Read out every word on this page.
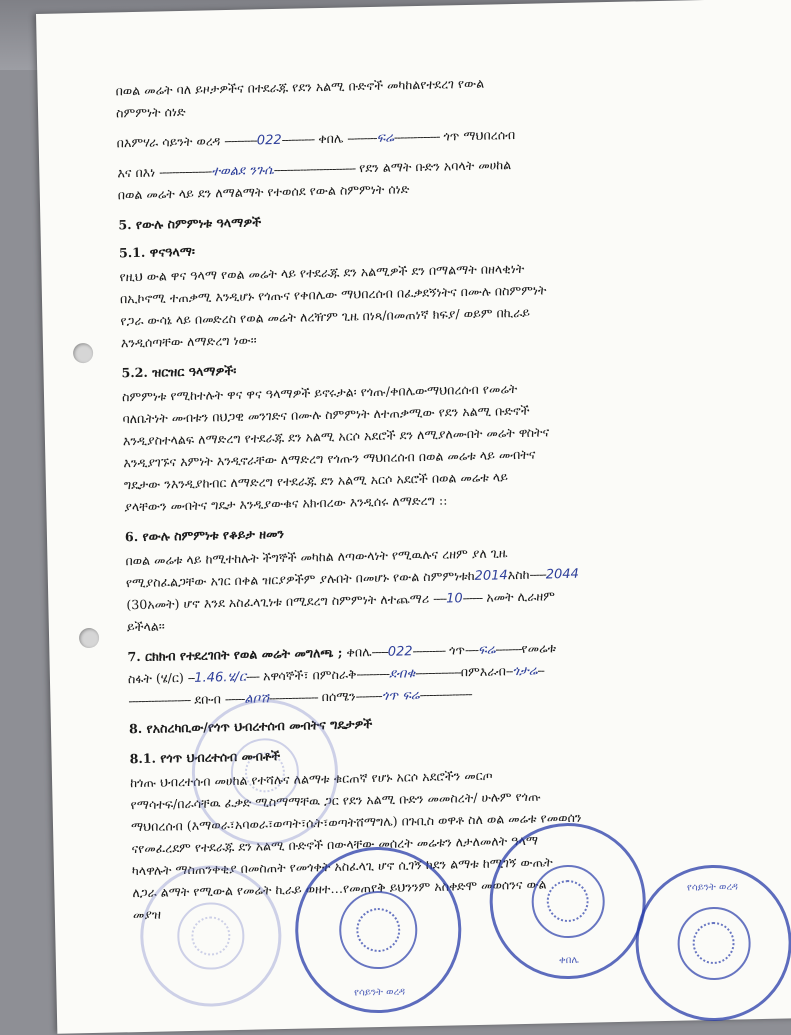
በወል መሬት ባለ ይዞታዎችና በተደራጁ የደን አልሚ ቡድኖች መካከልየተደረገ የውል
ስምምነት ሰነድ
በእምሃራ ሳይንት ወረዳ ----------022---------- ቀበሌ ---------ፍሬ-------------- ጎጥ ማህበረሰብ
እና በእነ ----------------ተወልደ ንጉሴ------------------------- የደን ልማት ቡድን አባላት መሀከል
በወል መሬት ላይ ደን ለማልማት የተወሰደ የውል ስምምነት ሰነድ
5. የውሉ ስምምነቱ ዓላማዎች
5.1. ዋናዓላማ፡
የዚህ ውል ዋና ዓላማ የወል መሬት ላይ የተደራጁ ደን አልሚዎች ደን በማልማት በዘላቂነት
በኢኮኖሚ ተጠቃሚ እንዲሆኑ የጎጡና የቀበሌው ማህበረሰብ በፈቃደኝነትና በሙሉ በስምምነት
የጋራ ውሳኔ ላይ በመድረስ የወል መሬት ለረዥም ጊዜ በነጻ/በመጠነኛ ክፍያ/ ወይም በኪራይ
እንዲሰጣቸው ለማድረግ ነው፡፡
5.2. ዝርዝር ዓላማዎች፡
ስምምነቱ የሚከተሉት ዋና ዋና ዓላማዎች ይኖሩታል፡ የጎጡ/ቀበሌውማህበረሰብ የመሬት
ባለቤትነት መብቱን በህጋዊ መንገድና በሙሉ ስምምነት ለተጠቃሚው የደን አልሚ ቡድኖች
እንዲያስተላልፍ ለማድረግ የተደራጁ ደን አልሚ አርሶ አደሮች ደን ለሚያለሙበት መሬት ዋስትና
እንዲያገኙና እምነት እንዲኖራቸው ለማድረግ የጎጡን ማህበረሰብ በወል መሬቱ ላይ መብትና
ግዴታው ንእንዲያከብር ለማድረግ የተደራጁ ደን አልሚ አርሶ አደሮች በወል መሬቱ ላይ
ያላቸውን መብትና ግዴታ እንዲያውቁና አክብረው እንዲሰሩ ለማድረግ ::
6. የውሉ ስምምነቱ የቆይታ ዘመን
በወል መሬቱ ላይ ከሚተከሉት ችግኞች መካከል ለጣውላነት የሚዉሉና ረዘም ያለ ጊዜ
የሚያስፈልጋቸው አገር በቀል ዝርያዎችም ያሉበት በመሆኑ የውል ስምምነቱከ2014እስከ-----2044
(30አመት) ሆኖ እንደ አስፈላጊነቱ በሚደረግ ስምምነት ለተጨማሪ ----10------ አመት ሊራዘም
ይችላል፡፡
7. ርክክብ የተደረገበት የወል መሬት መግለጫ ; ቀበሌ-----022---------- ጎጥ----ፍሬ--------የመሬቱ
ስፋት (ሄ/ር) --1.46.ሄ/ር---- አዋሳኞች፣ በምስራቅ----------ደብቁ--------------በምእራብ--ጎታሬ--
------------------- ደቡብ ------ልቦሽ--------------- በሰሜን--------ጎጥ ፍሬ----------------
8. የአስረካቢው/የጎጥ ህብረተሰብ መብትና ግዴታዎች
8.1. የጎጥ ህብረተሰብ መብቶች
ከጎጡ ህብረተሰብ መሀከል የተሻሉና ለልማቱ ቁርጠኛ የሆኑ አርሶ አደሮችን መርጦ
የማሳተፍ/በራሳቸዉ ፈቃድ ሚስማማቸዉ ጋር የደን አልሚ ቡድን መመስረት/ ሁሉም የጎጡ
ማህበረሰብ (እማወራ፣አባወራ፣ወጣት፣ሴት፣ወጣትሸማግሌ) በጉቢስ ወዋቶ ስለ ወል መሬቱ የመወሰን
ናየመፈረደም የተደራጁ ደን አልሚ ቡድኖች በውላቸው መሰረት መሬቱን ለታለመለት ዓላማ
ካላዋሉት ማስጠንቀቂያ በመስጠት የመጎቀት አስፈላጊ ሆኖ ሲገኝ ከደን ልማቱ ከሚገኝ ውጤት
ለጋራ ልማት የሚውል የመሬት ኪራይ ወዘተ…የመጠየቅ ይህንንም አስቀድሞ መወሰንና ውል
መያዝ
የሳይንት ወረዳ
ቀበሌ
የሳይንት ወረዳ
